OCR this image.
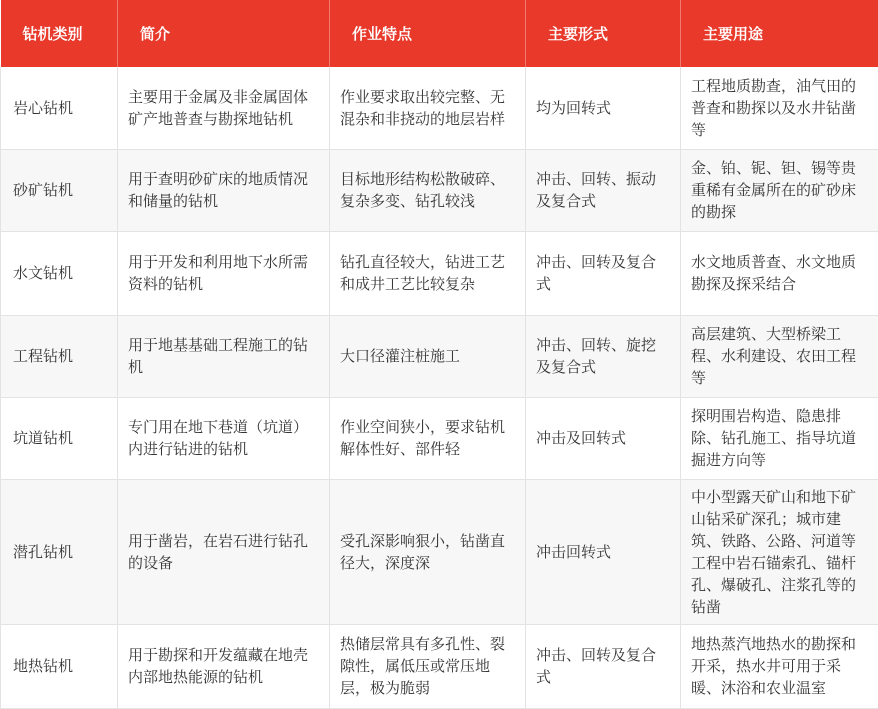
钻机类别	简介	作业特点	主要形式	主要用途
岩心钻机	主要用于金属及非金属固体矿产地普查与勘探地钻机	作业要求取出较完整、无混杂和非挠动的地层岩样	均为回转式	工程地质勘查，油气田的普查和勘探以及水井钻凿等
砂矿钻机	用于查明砂矿床的地质情况和储量的钻机	目标地形结构松散破碎、复杂多变、钻孔较浅	冲击、回转、振动及复合式	金、铂、铌、钽、锡等贵重稀有金属所在的矿砂床的勘探
水文钻机	用于开发和利用地下水所需资料的钻机	钻孔直径较大，钻进工艺和成井工艺比较复杂	冲击、回转及复合式	水文地质普查、水文地质勘探及探采结合
工程钻机	用于地基基础工程施工的钻机	大口径灌注桩施工	冲击、回转、旋挖及复合式	高层建筑、大型桥梁工程、水利建设、农田工程等
坑道钻机	专门用在地下巷道（坑道）内进行钻进的钻机	作业空间狭小，要求钻机解体性好、部件轻	冲击及回转式	探明围岩构造、隐患排除、钻孔施工、指导坑道掘进方向等
潜孔钻机	用于凿岩，在岩石进行钻孔的设备	受孔深影响狠小，钻凿直径大，深度深	冲击回转式	中小型露天矿山和地下矿山钻采矿深孔；城市建筑、铁路、公路、河道等工程中岩石锚索孔、锚杆孔、爆破孔、注浆孔等的钻凿
地热钻机	用于勘探和开发蕴藏在地壳内部地热能源的钻机	热储层常具有多孔性、裂隙性，属低压或常压地层，极为脆弱	冲击、回转及复合式	地热蒸汽地热水的勘探和开采，热水井可用于采暖、沐浴和农业温室
